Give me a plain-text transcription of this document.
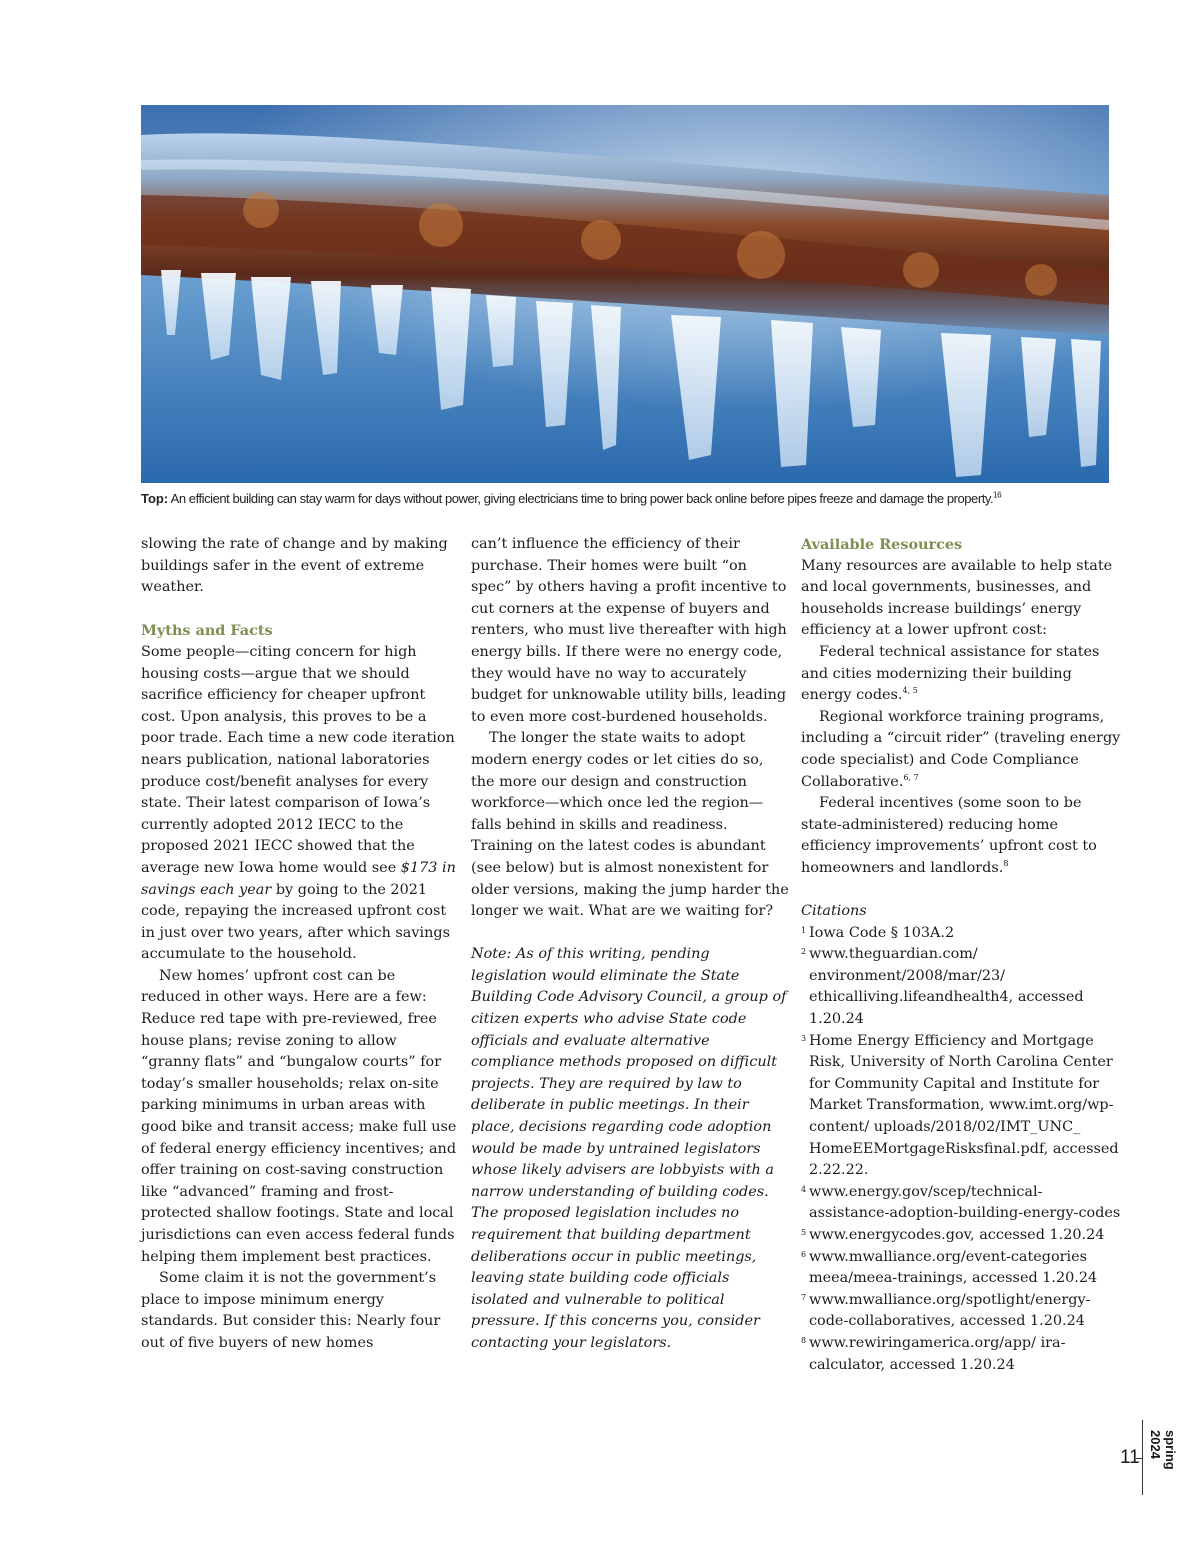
Top: An efficient building can stay warm for days without power, giving electricians time to bring power back online before pipes freeze and damage the property.$^{16}$

slowing the rate of change and by making buildings safer in the event of extreme weather.

Myths and Facts

Some people—citing concern for high housing costs—argue that we should sacrifice efficiency for cheaper upfront cost. Upon analysis, this proves to be a poor trade. Each time a new code iteration nears publication, national laboratories produce cost/benefit analyses for every state. Their latest comparison of Iowa’s currently adopted 2012 IECC to the proposed 2021 IECC showed that the average new Iowa home would see $173 in savings each year by going to the 2021 code, repaying the increased upfront cost in just over two years, after which savings accumulate to the household.

New homes’ upfront cost can be reduced in other ways. Here are a few: Reduce red tape with pre-reviewed, free house plans; revise zoning to allow “granny flats” and “bungalow courts” for today’s smaller households; relax on-site parking minimums in urban areas with good bike and transit access; make full use of federal energy efficiency incentives; and offer training on cost-saving construction like “advanced” framing and frost-protected shallow footings. State and local jurisdictions can even access federal funds helping them implement best practices.

Some claim it is not the government’s place to impose minimum energy standards. But consider this: Nearly four out of five buyers of new homes

can’t influence the efficiency of their purchase. Their homes were built “on spec” by others having a profit incentive to cut corners at the expense of buyers and renters, who must live thereafter with high energy bills. If there were no energy code, they would have no way to accurately budget for unknowable utility bills, leading to even more cost-burdened households.

The longer the state waits to adopt modern energy codes or let cities do so, the more our design and construction workforce—which once led the region—falls behind in skills and readiness. Training on the latest codes is abundant (see below) but is almost nonexistent for older versions, making the jump harder the longer we wait. What are we waiting for?

Note: As of this writing, pending legislation would eliminate the State Building Code Advisory Council, a group of citizen experts who advise State code officials and evaluate alternative compliance methods proposed on difficult projects. They are required by law to deliberate in public meetings. In their place, decisions regarding code adoption would be made by untrained legislators whose likely advisers are lobbyists with a narrow understanding of building codes.

The proposed legislation includes no requirement that building department deliberations occur in public meetings, leaving state building code officials isolated and vulnerable to political pressure. If this concerns you, consider contacting your legislators.

Available Resources

Many resources are available to help state and local governments, businesses, and households increase buildings’ energy efficiency at a lower upfront cost:

Federal technical assistance for states and cities modernizing their building energy codes.$^{4, 5}$

Regional workforce training programs, including a “circuit rider” (traveling energy code specialist) and Code Compliance Collaborative.$^{6, 7}$

Federal incentives (some soon to be state-administered) reducing home efficiency improvements’ upfront cost to homeowners and landlords.$^8$

Citations

1 Iowa Code § 103A.2
2 www.theguardian.com/ environment/2008/mar/23/ ethicalliving.lifeandhealth4, accessed 1.20.24
3 Home Energy Efficiency and Mortgage Risk, University of North Carolina Center for Community Capital and Institute for Market Transformation, www.imt.org/wp-content/ uploads/2018/02/IMT_UNC_ HomeEEMortgageRisksfinal.pdf, accessed 2.22.22.
4 www.energy.gov/scep/technical-assistance-adoption-building-energy-codes
5 www.energycodes.gov, accessed 1.20.24
6 www.mwalliance.org/event-categories meea/meea-trainings, accessed 1.20.24
7 www.mwalliance.org/spotlight/energy-code-collaboratives, accessed 1.20.24
8 www.rewiringamerica.org/app/ ira-calculator, accessed 1.20.24
11	spring 2024
